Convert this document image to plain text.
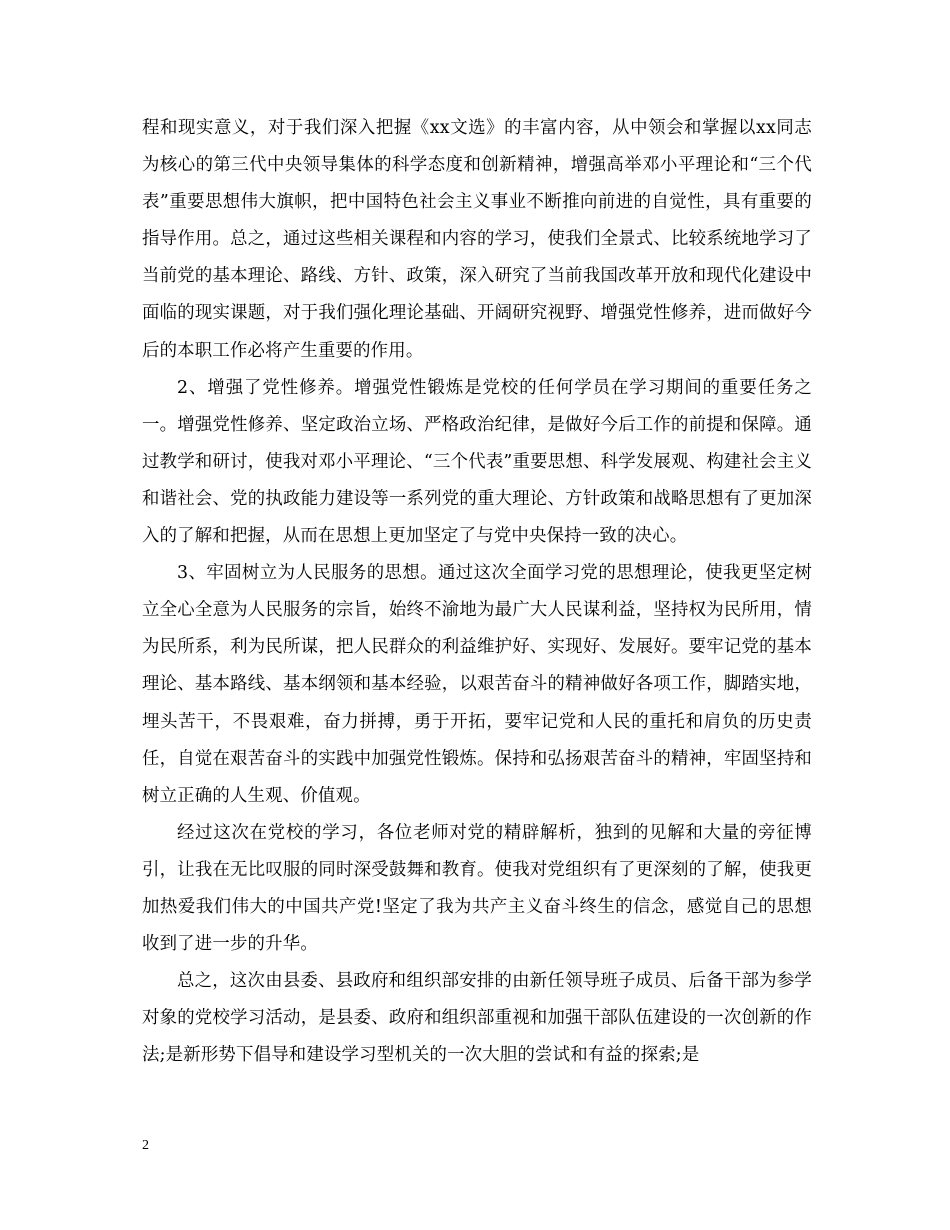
程和现实意义，对于我们深入把握《xx文选》的丰富内容，从中领会和掌握以xx同志为核心的第三代中央领导集体的科学态度和创新精神，增强高举邓小平理论和“三个代表”重要思想伟大旗帜，把中国特色社会主义事业不断推向前进的自觉性，具有重要的指导作用。总之，通过这些相关课程和内容的学习，使我们全景式、比较系统地学习了当前党的基本理论、路线、方针、政策，深入研究了当前我国改革开放和现代化建设中面临的现实课题，对于我们强化理论基础、开阔研究视野、增强党性修养，进而做好今后的本职工作必将产生重要的作用。

2、增强了党性修养。增强党性锻炼是党校的任何学员在学习期间的重要任务之一。增强党性修养、坚定政治立场、严格政治纪律，是做好今后工作的前提和保障。通过教学和研讨，使我对邓小平理论、“三个代表”重要思想、科学发展观、构建社会主义和谐社会、党的执政能力建设等一系列党的重大理论、方针政策和战略思想有了更加深入的了解和把握，从而在思想上更加坚定了与党中央保持一致的决心。

3、牢固树立为人民服务的思想。通过这次全面学习党的思想理论，使我更坚定树立全心全意为人民服务的宗旨，始终不渝地为最广大人民谋利益，坚持权为民所用，情为民所系，利为民所谋，把人民群众的利益维护好、实现好、发展好。要牢记党的基本理论、基本路线、基本纲领和基本经验，以艰苦奋斗的精神做好各项工作，脚踏实地，埋头苦干，不畏艰难，奋力拼搏，勇于开拓，要牢记党和人民的重托和肩负的历史责任，自觉在艰苦奋斗的实践中加强党性锻炼。保持和弘扬艰苦奋斗的精神，牢固坚持和树立正确的人生观、价值观。

经过这次在党校的学习，各位老师对党的精辟解析，独到的见解和大量的旁征博引，让我在无比叹服的同时深受鼓舞和教育。使我对党组织有了更深刻的了解，使我更加热爱我们伟大的中国共产党!坚定了我为共产主义奋斗终生的信念，感觉自己的思想收到了进一步的升华。

总之，这次由县委、县政府和组织部安排的由新任领导班子成员、后备干部为参学对象的党校学习活动，是县委、政府和组织部重视和加强干部队伍建设的一次创新的作法;是新形势下倡导和建设学习型机关的一次大胆的尝试和有益的探索;是

2
